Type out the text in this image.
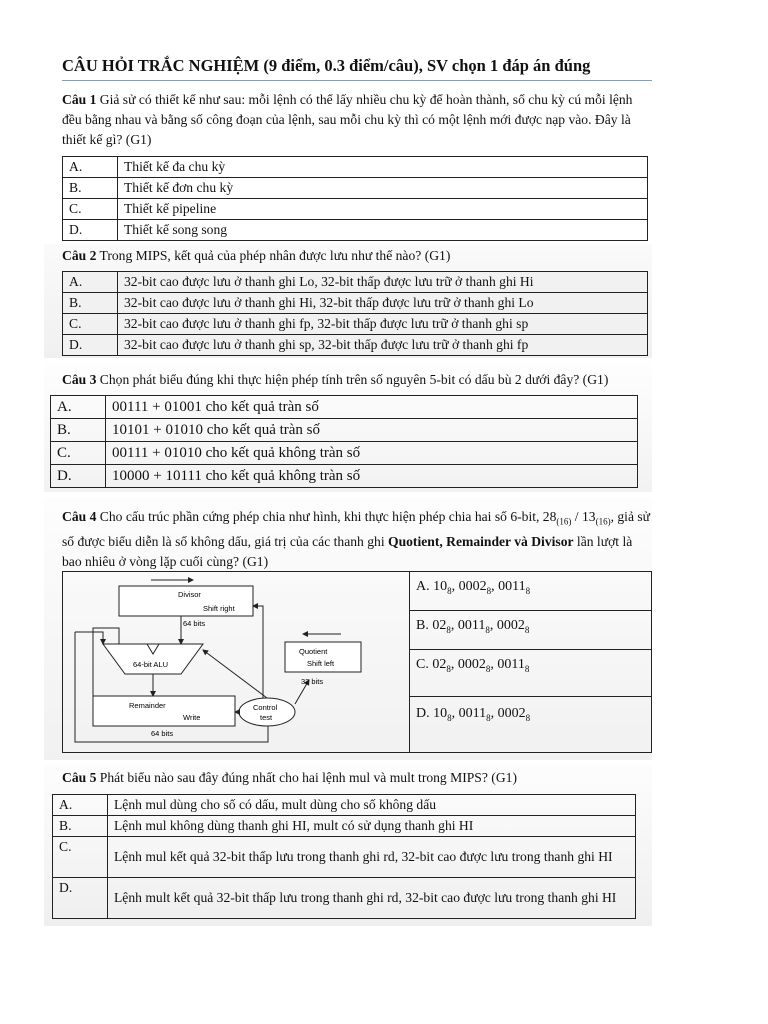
CÂU HỎI TRẮC NGHIỆM (9 điểm, 0.3 điểm/câu), SV chọn 1 đáp án đúng
Câu 1 Giả sử có thiết kế như sau: mỗi lệnh có thể lấy nhiều chu kỳ để hoàn thành, số chu kỳ cú mỗi lệnh đều bằng nhau và bằng số công đoạn của lệnh, sau mỗi chu kỳ thì có một lệnh mới được nạp vào. Đây là thiết kế gì? (G1)
A.	Thiết kế đa chu kỳ
B.	Thiết kế đơn chu kỳ
C.	Thiết kế pipeline
D.	Thiết kế song song
Câu 2 Trong MIPS, kết quả của phép nhân được lưu như thế nào? (G1)
A.	32-bit cao được lưu ở thanh ghi Lo, 32-bit thấp được lưu trữ ở thanh ghi Hi
B.	32-bit cao được lưu ở thanh ghi Hi, 32-bit thấp được lưu trữ ở thanh ghi Lo
C.	32-bit cao được lưu ở thanh ghi fp, 32-bit thấp được lưu trữ ở thanh ghi sp
D.	32-bit cao được lưu ở thanh ghi sp, 32-bit thấp được lưu trữ ở thanh ghi fp
Câu 3 Chọn phát biểu đúng khi thực hiện phép tính trên số nguyên 5-bit có dấu bù 2 dưới đây? (G1)
A.	00111 + 01001 cho kết quả tràn số
B.	10101 + 01010 cho kết quả tràn số
C.	00111 + 01010 cho kết quả không tràn số
D.	10000 + 10111 cho kết quả không tràn số
Câu 4 Cho cấu trúc phần cứng phép chia như hình, khi thực hiện phép chia hai số 6-bit, $28_{(16)} / 13_{(16)}$, giả sử số được biểu diễn là số không dấu, giá trị của các thanh ghi Quotient, Remainder và Divisor lần lượt là bao nhiêu ở vòng lặp cuối cùng? (G1)
Divisor
Shift right
64 bits
64-bit ALU
Remainder
Write
64 bits
Control
test
Quotient
Shift left
32 bits
A. $10_8$, $0002_8$, $0011_8$
B. $02_8$, $0011_8$, $0002_8$
C. $02_8$, $0002_8$, $0011_8$
D. $10_8$, $0011_8$, $0002_8$
Câu 5 Phát biểu nào sau đây đúng nhất cho hai lệnh mul và mult trong MIPS? (G1)
A.	Lệnh mul dùng cho số có dấu, mult dùng cho số không dấu
B.	Lệnh mul không dùng thanh ghi HI, mult có sử dụng thanh ghi HI
C.	Lệnh mul kết quả 32-bit thấp lưu trong thanh ghi rd, 32-bit cao được lưu trong thanh ghi HI
D.	Lệnh mult kết quả 32-bit thấp lưu trong thanh ghi rd, 32-bit cao được lưu trong thanh ghi HI
